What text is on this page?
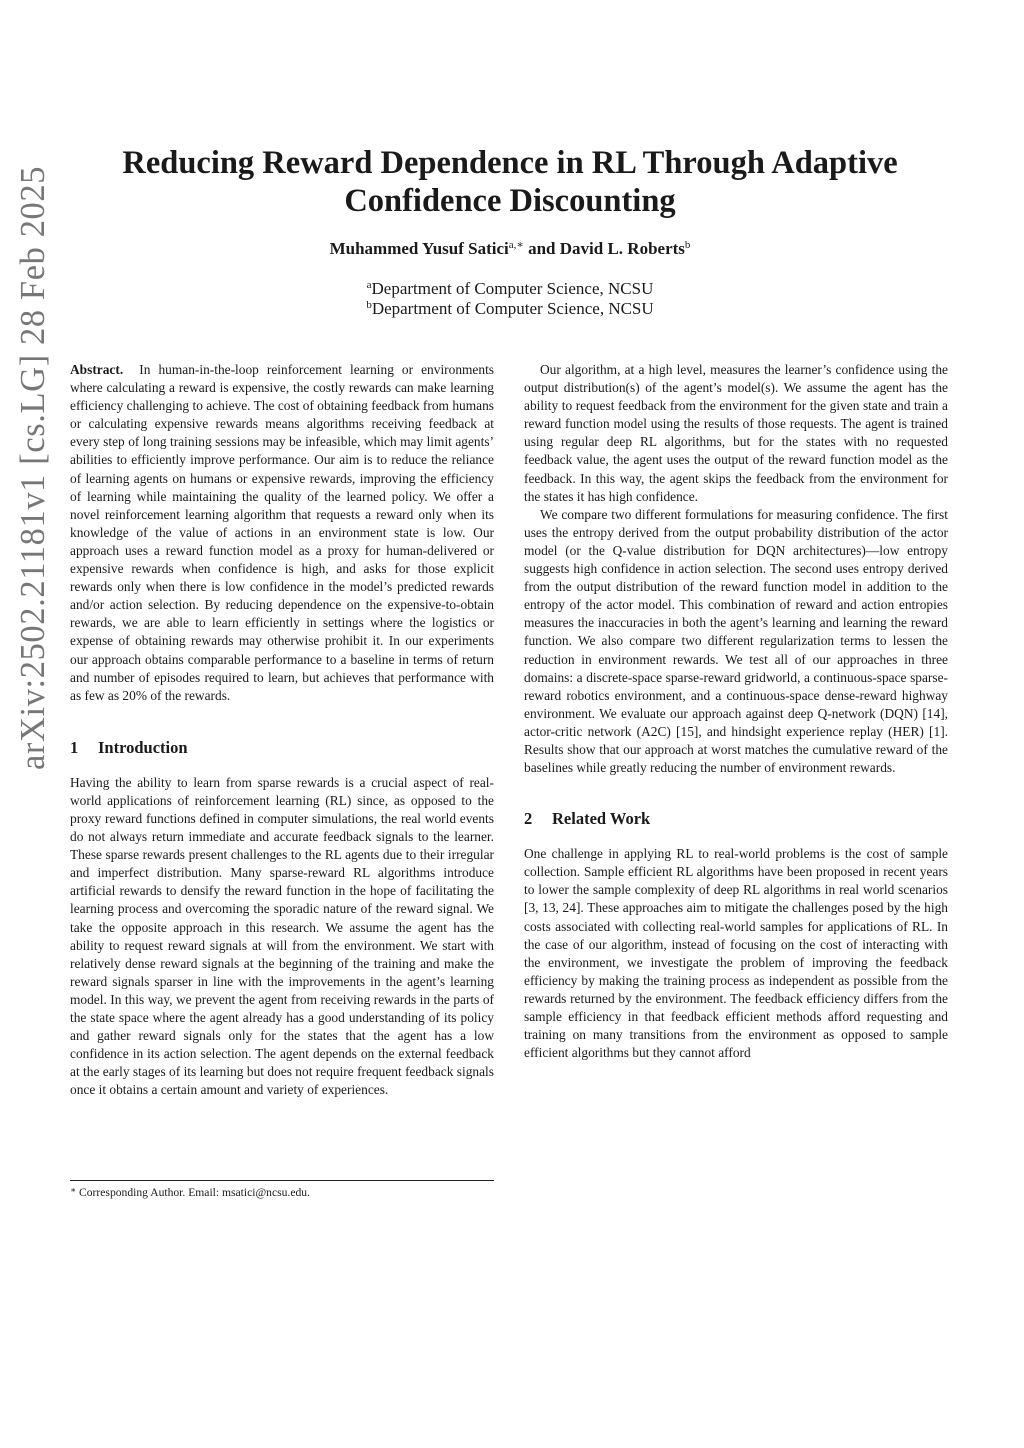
arXiv:2502.21181v1 [cs.LG] 28 Feb 2025
Reducing Reward Dependence in RL Through Adaptive Confidence Discounting
Muhammed Yusuf Satici$^{a,∗}$ and David L. Roberts$^b$
$^a$Department of Computer Science, NCSU
$^b$Department of Computer Science, NCSU

Abstract. In human-in-the-loop reinforcement learning or environments where calculating a reward is expensive, the costly rewards can make learning efficiency challenging to achieve. The cost of obtaining feedback from humans or calculating expensive rewards means algorithms receiving feedback at every step of long training sessions may be infeasible, which may limit agents’ abilities to efficiently improve performance. Our aim is to reduce the reliance of learning agents on humans or expensive rewards, improving the efficiency of learning while maintaining the quality of the learned policy. We offer a novel reinforcement learning algorithm that requests a reward only when its knowledge of the value of actions in an environment state is low. Our approach uses a reward function model as a proxy for human-delivered or expensive rewards when confidence is high, and asks for those explicit rewards only when there is low confidence in the model’s predicted rewards and/or action selection. By reducing dependence on the expensive-to-obtain rewards, we are able to learn efficiently in settings where the logistics or expense of obtaining rewards may otherwise prohibit it. In our experiments our approach obtains comparable performance to a baseline in terms of return and number of episodes required to learn, but achieves that performance with as few as 20% of the rewards.

1 Introduction

Having the ability to learn from sparse rewards is a crucial aspect of real-world applications of reinforcement learning (RL) since, as opposed to the proxy reward functions defined in computer simulations, the real world events do not always return immediate and accurate feedback signals to the learner. These sparse rewards present challenges to the RL agents due to their irregular and imperfect distribution. Many sparse-reward RL algorithms introduce artificial rewards to densify the reward function in the hope of facilitating the learning process and overcoming the sporadic nature of the reward signal. We take the opposite approach in this research. We assume the agent has the ability to request reward signals at will from the environment. We start with relatively dense reward signals at the beginning of the training and make the reward signals sparser in line with the improvements in the agent’s learning model. In this way, we prevent the agent from receiving rewards in the parts of the state space where the agent already has a good understanding of its policy and gather reward signals only for the states that the agent has a low confidence in its action selection. The agent depends on the external feedback at the early stages of its learning but does not require frequent feedback signals once it obtains a certain amount and variety of experiences.

Our algorithm, at a high level, measures the learner’s confidence using the output distribution(s) of the agent’s model(s). We assume the agent has the ability to request feedback from the environment for the given state and train a reward function model using the results of those requests. The agent is trained using regular deep RL algorithms, but for the states with no requested feedback value, the agent uses the output of the reward function model as the feedback. In this way, the agent skips the feedback from the environment for the states it has high confidence.

We compare two different formulations for measuring confidence. The first uses the entropy derived from the output probability distribution of the actor model (or the Q-value distribution for DQN architectures)—low entropy suggests high confidence in action selection. The second uses entropy derived from the output distribution of the reward function model in addition to the entropy of the actor model. This combination of reward and action entropies measures the inaccuracies in both the agent’s learning and learning the reward function. We also compare two different regularization terms to lessen the reduction in environment rewards. We test all of our approaches in three domains: a discrete-space sparse-reward gridworld, a continuous-space sparse-reward robotics environment, and a continuous-space dense-reward highway environment. We evaluate our approach against deep Q-network (DQN) [14], actor-critic network (A2C) [15], and hindsight experience replay (HER) [1]. Results show that our approach at worst matches the cumulative reward of the baselines while greatly reducing the number of environment rewards.

2 Related Work

One challenge in applying RL to real-world problems is the cost of sample collection. Sample efficient RL algorithms have been proposed in recent years to lower the sample complexity of deep RL algorithms in real world scenarios [3, 13, 24]. These approaches aim to mitigate the challenges posed by the high costs associated with collecting real-world samples for applications of RL. In the case of our algorithm, instead of focusing on the cost of interacting with the environment, we investigate the problem of improving the feedback efficiency by making the training process as independent as possible from the rewards returned by the environment. The feedback efficiency differs from the sample efficiency in that feedback efficient methods afford requesting and training on many transitions from the environment as opposed to sample efficient algorithms but they cannot afford

∗ Corresponding Author. Email: msatici@ncsu.edu.
